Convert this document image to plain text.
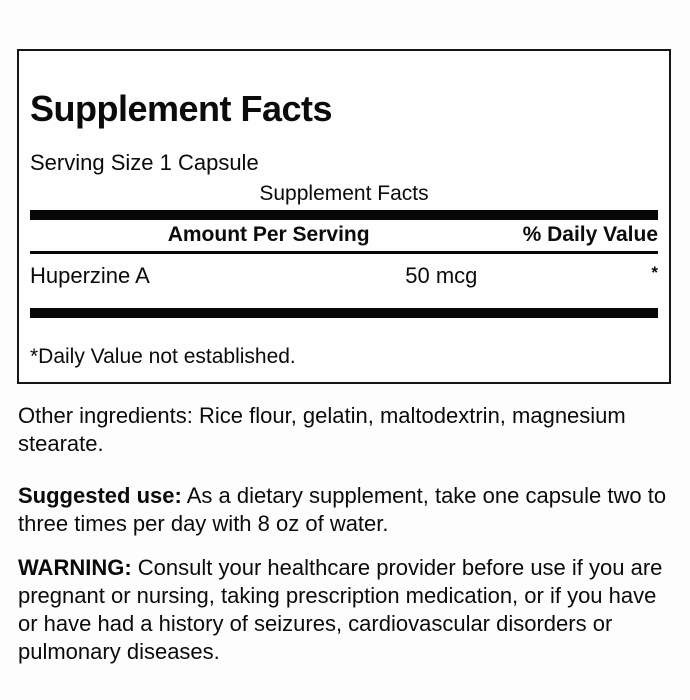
Supplement Facts
Serving Size 1 Capsule
Supplement Facts
Amount Per Serving	% Daily Value
Huperzine A	50 mcg	*
*Daily Value not established.

Other ingredients: Rice flour, gelatin, maltodextrin, magnesium stearate.

Suggested use: As a dietary supplement, take one capsule two to three times per day with 8 oz of water.

WARNING: Consult your healthcare provider before use if you are pregnant or nursing, taking prescription medication, or if you have or have had a history of seizures, cardiovascular disorders or pulmonary diseases.
